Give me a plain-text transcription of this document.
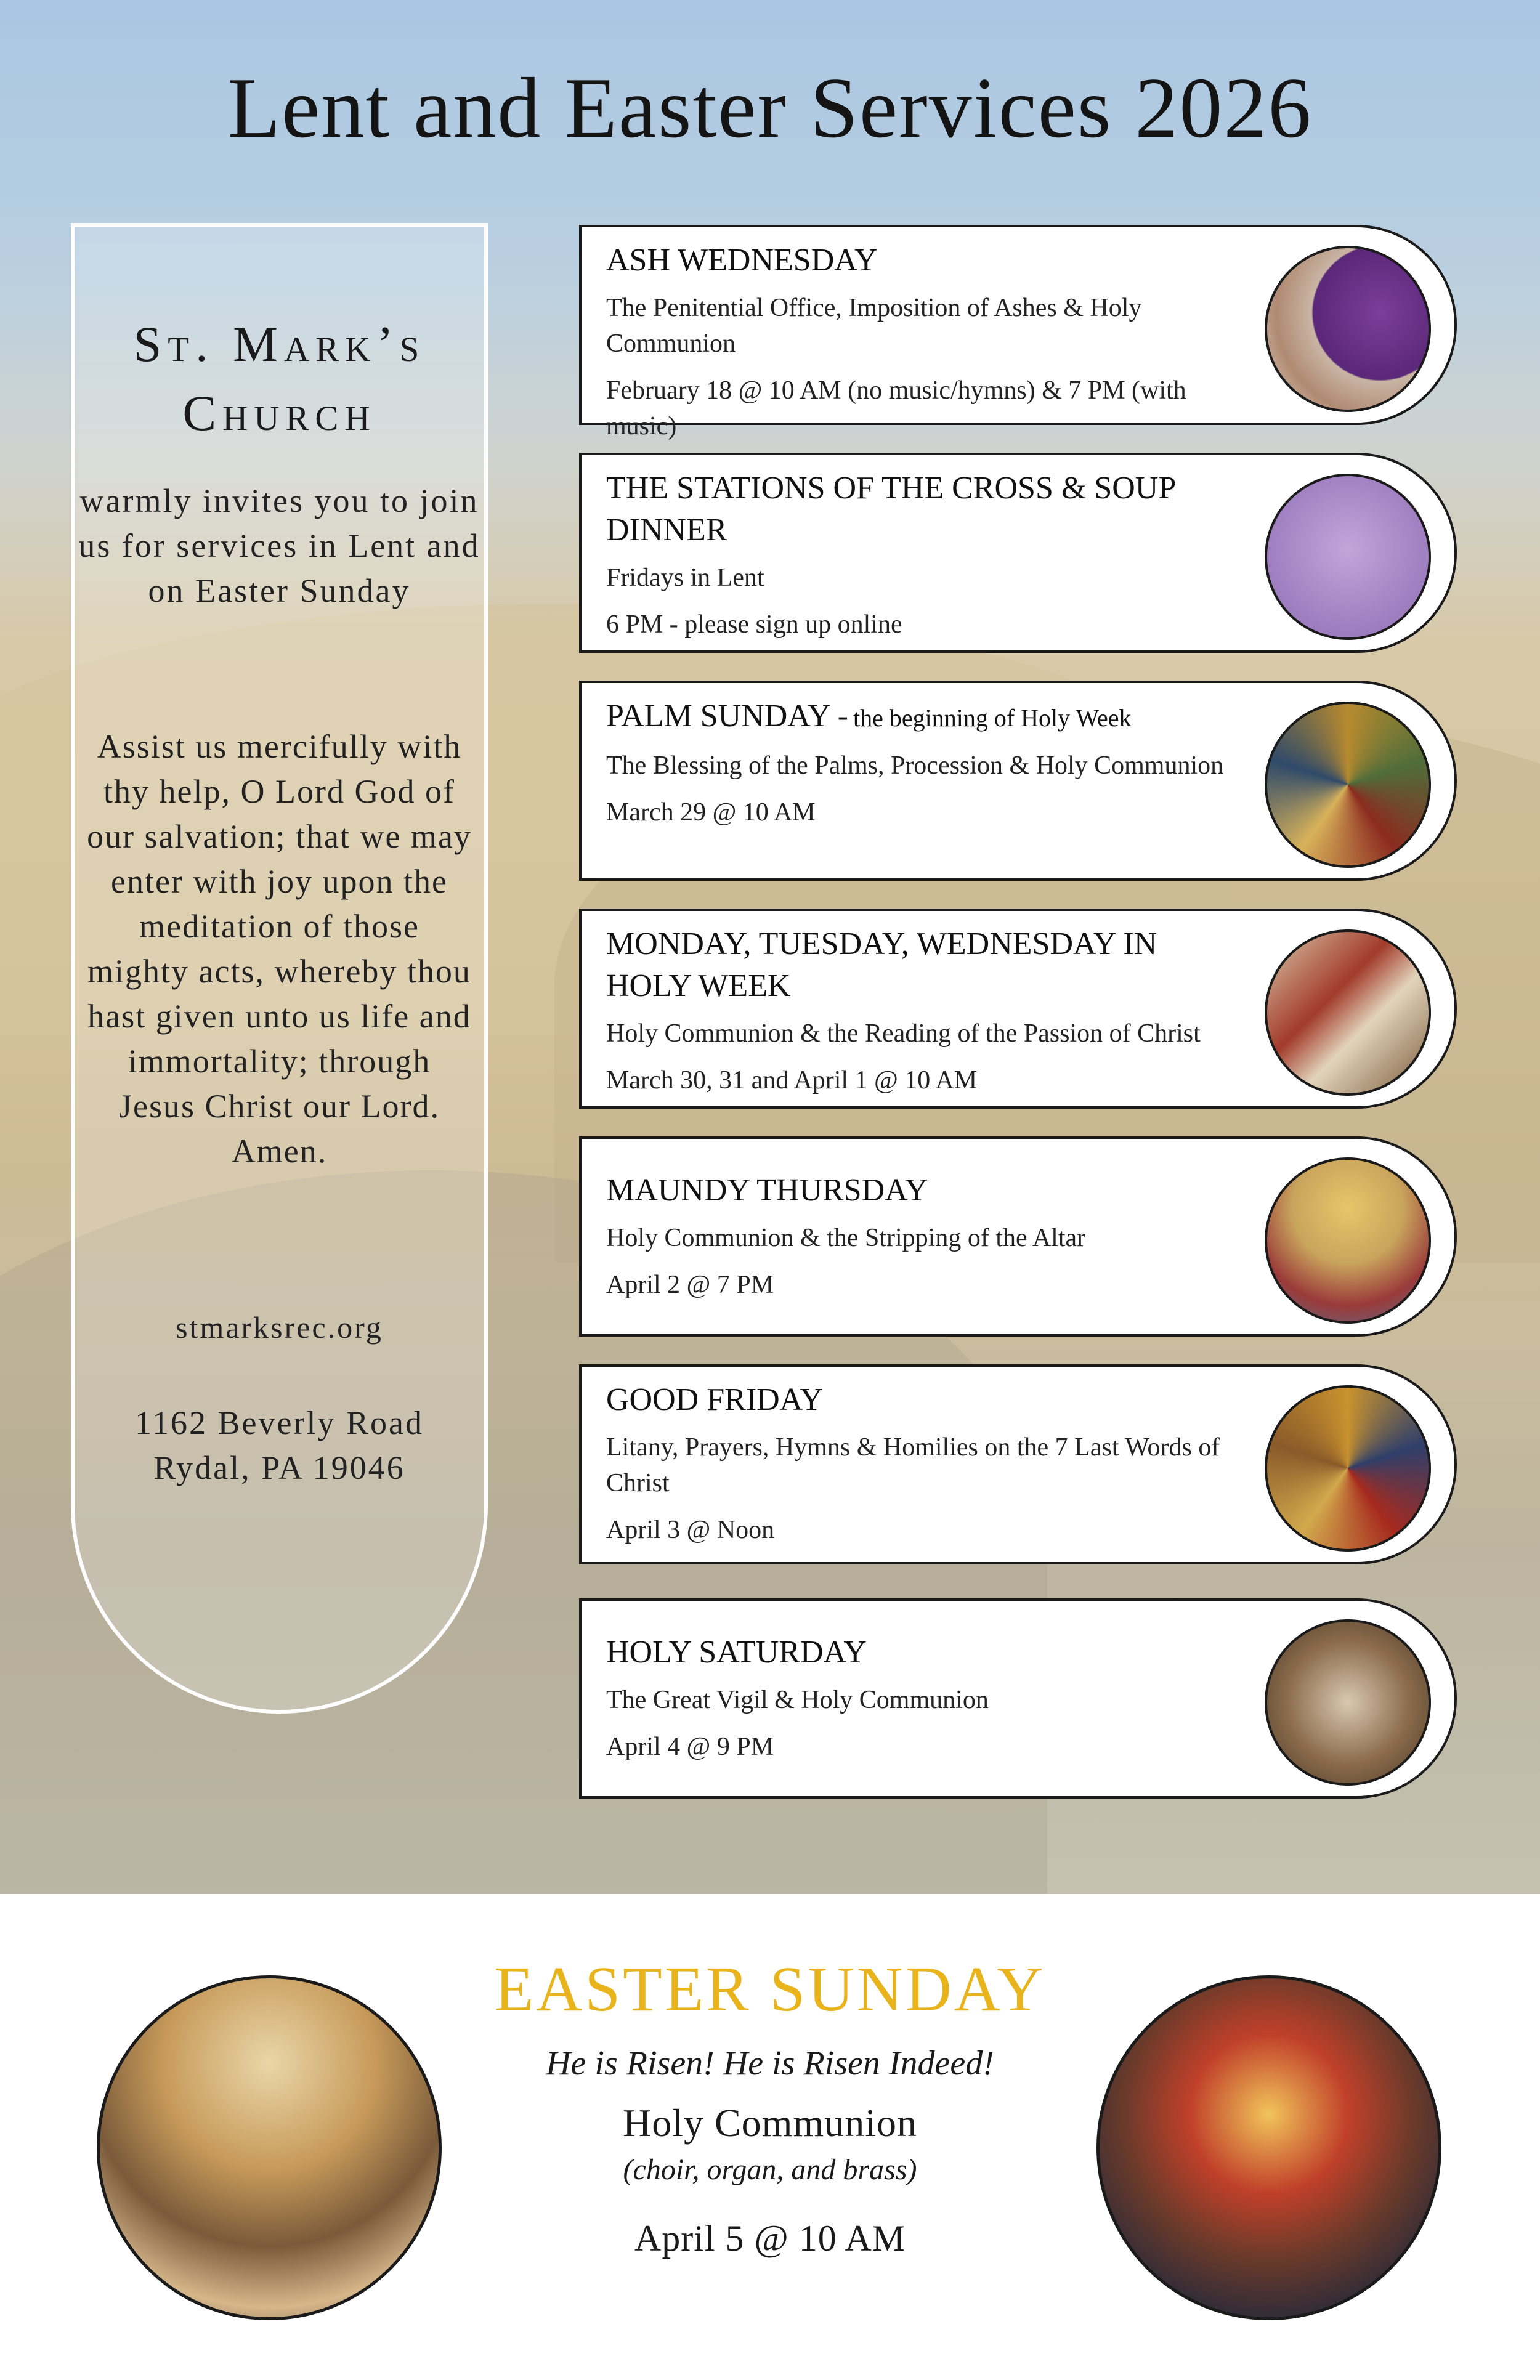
Lent and Easter Services 2026
St. Mark’s
Church
warmly invites you to join us for services in Lent and on Easter Sunday
Assist us mercifully with thy help, O Lord God of our salvation; that we may enter with joy upon the meditation of those mighty acts, whereby thou hast given unto us life and immortality; through Jesus Christ our Lord. Amen.
stmarksrec.org
1162 Beverly Road
Rydal, PA 19046
ASH WEDNESDAY
The Penitential Office, Imposition of Ashes & Holy Communion
February 18 @ 10 AM (no music/hymns) & 7 PM (with music)
THE STATIONS OF THE CROSS & SOUP DINNER
Fridays in Lent
6 PM - please sign up online
PALM SUNDAY - the beginning of Holy Week
The Blessing of the Palms, Procession & Holy Communion
March 29 @ 10 AM
MONDAY, TUESDAY, WEDNESDAY IN HOLY WEEK
Holy Communion & the Reading of the Passion of Christ
March 30, 31 and April 1 @ 10 AM
MAUNDY THURSDAY
Holy Communion & the Stripping of the Altar
April 2 @ 7 PM
GOOD FRIDAY
Litany, Prayers, Hymns & Homilies on the 7 Last Words of Christ
April 3 @ Noon
HOLY SATURDAY
The Great Vigil & Holy Communion
April 4 @ 9 PM
EASTER SUNDAY
He is Risen! He is Risen Indeed!
Holy Communion
(choir, organ, and brass)
April 5 @ 10 AM
